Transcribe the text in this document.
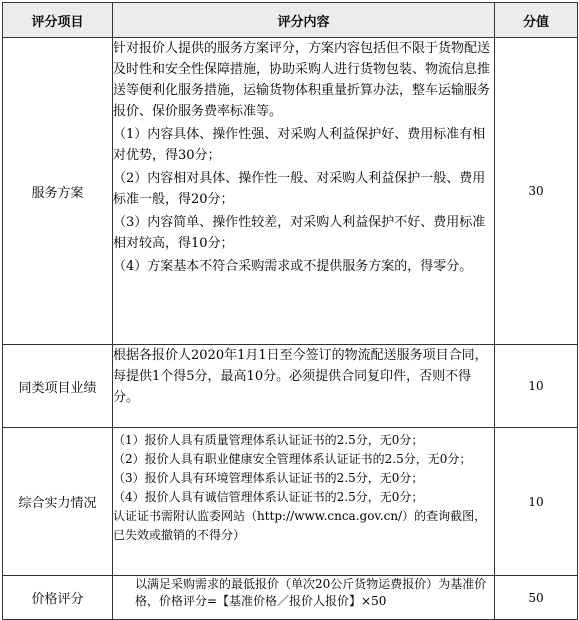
评分项目	评分内容	分值
服务方案	针对报价人提供的服务方案评分，方案内容包括但不限于货物配送及时性和安全性保障措施，协助采购人进行货物包装、物流信息推送等便利化服务措施，运输货物体积重量折算办法，整车运输服务报价、保价服务费率标准等。

（1）内容具体、操作性强、对采购人利益保护好、费用标准有相对优势，得30分；

（2）内容相对具体、操作性一般、对采购人利益保护一般、费用标准一般，得20分；

（3）内容简单、操作性较差，对采购人利益保护不好、费用标准相对较高，得10分；

（4）方案基本不符合采购需求或不提供服务方案的，得零分。	30
同类项目业绩	根据各报价人2020年1月1日至今签订的物流配送服务项目合同，每提供1个得5分，最高10分。必须提供合同复印件，否则不得分。	10
综合实力情况	（1）报价人具有质量管理体系认证证书的2.5分，无0分；

（2）报价人具有职业健康安全管理体系认证证书的2.5分，无0分；

（3）报价人具有环境管理体系认证证书的2.5分，无0分；

（4）报价人具有诚信管理体系认证证书的2.5分，无0分；

认证证书需附认监委网站（http://www.cnca.gov.cn/）的查询截图，已失效或撤销的不得分）	10
价格评分	以满足采购需求的最低报价（单次20公斤货物运费报价）为基准价格，价格评分=【基准价格／报价人报价】×50	50
